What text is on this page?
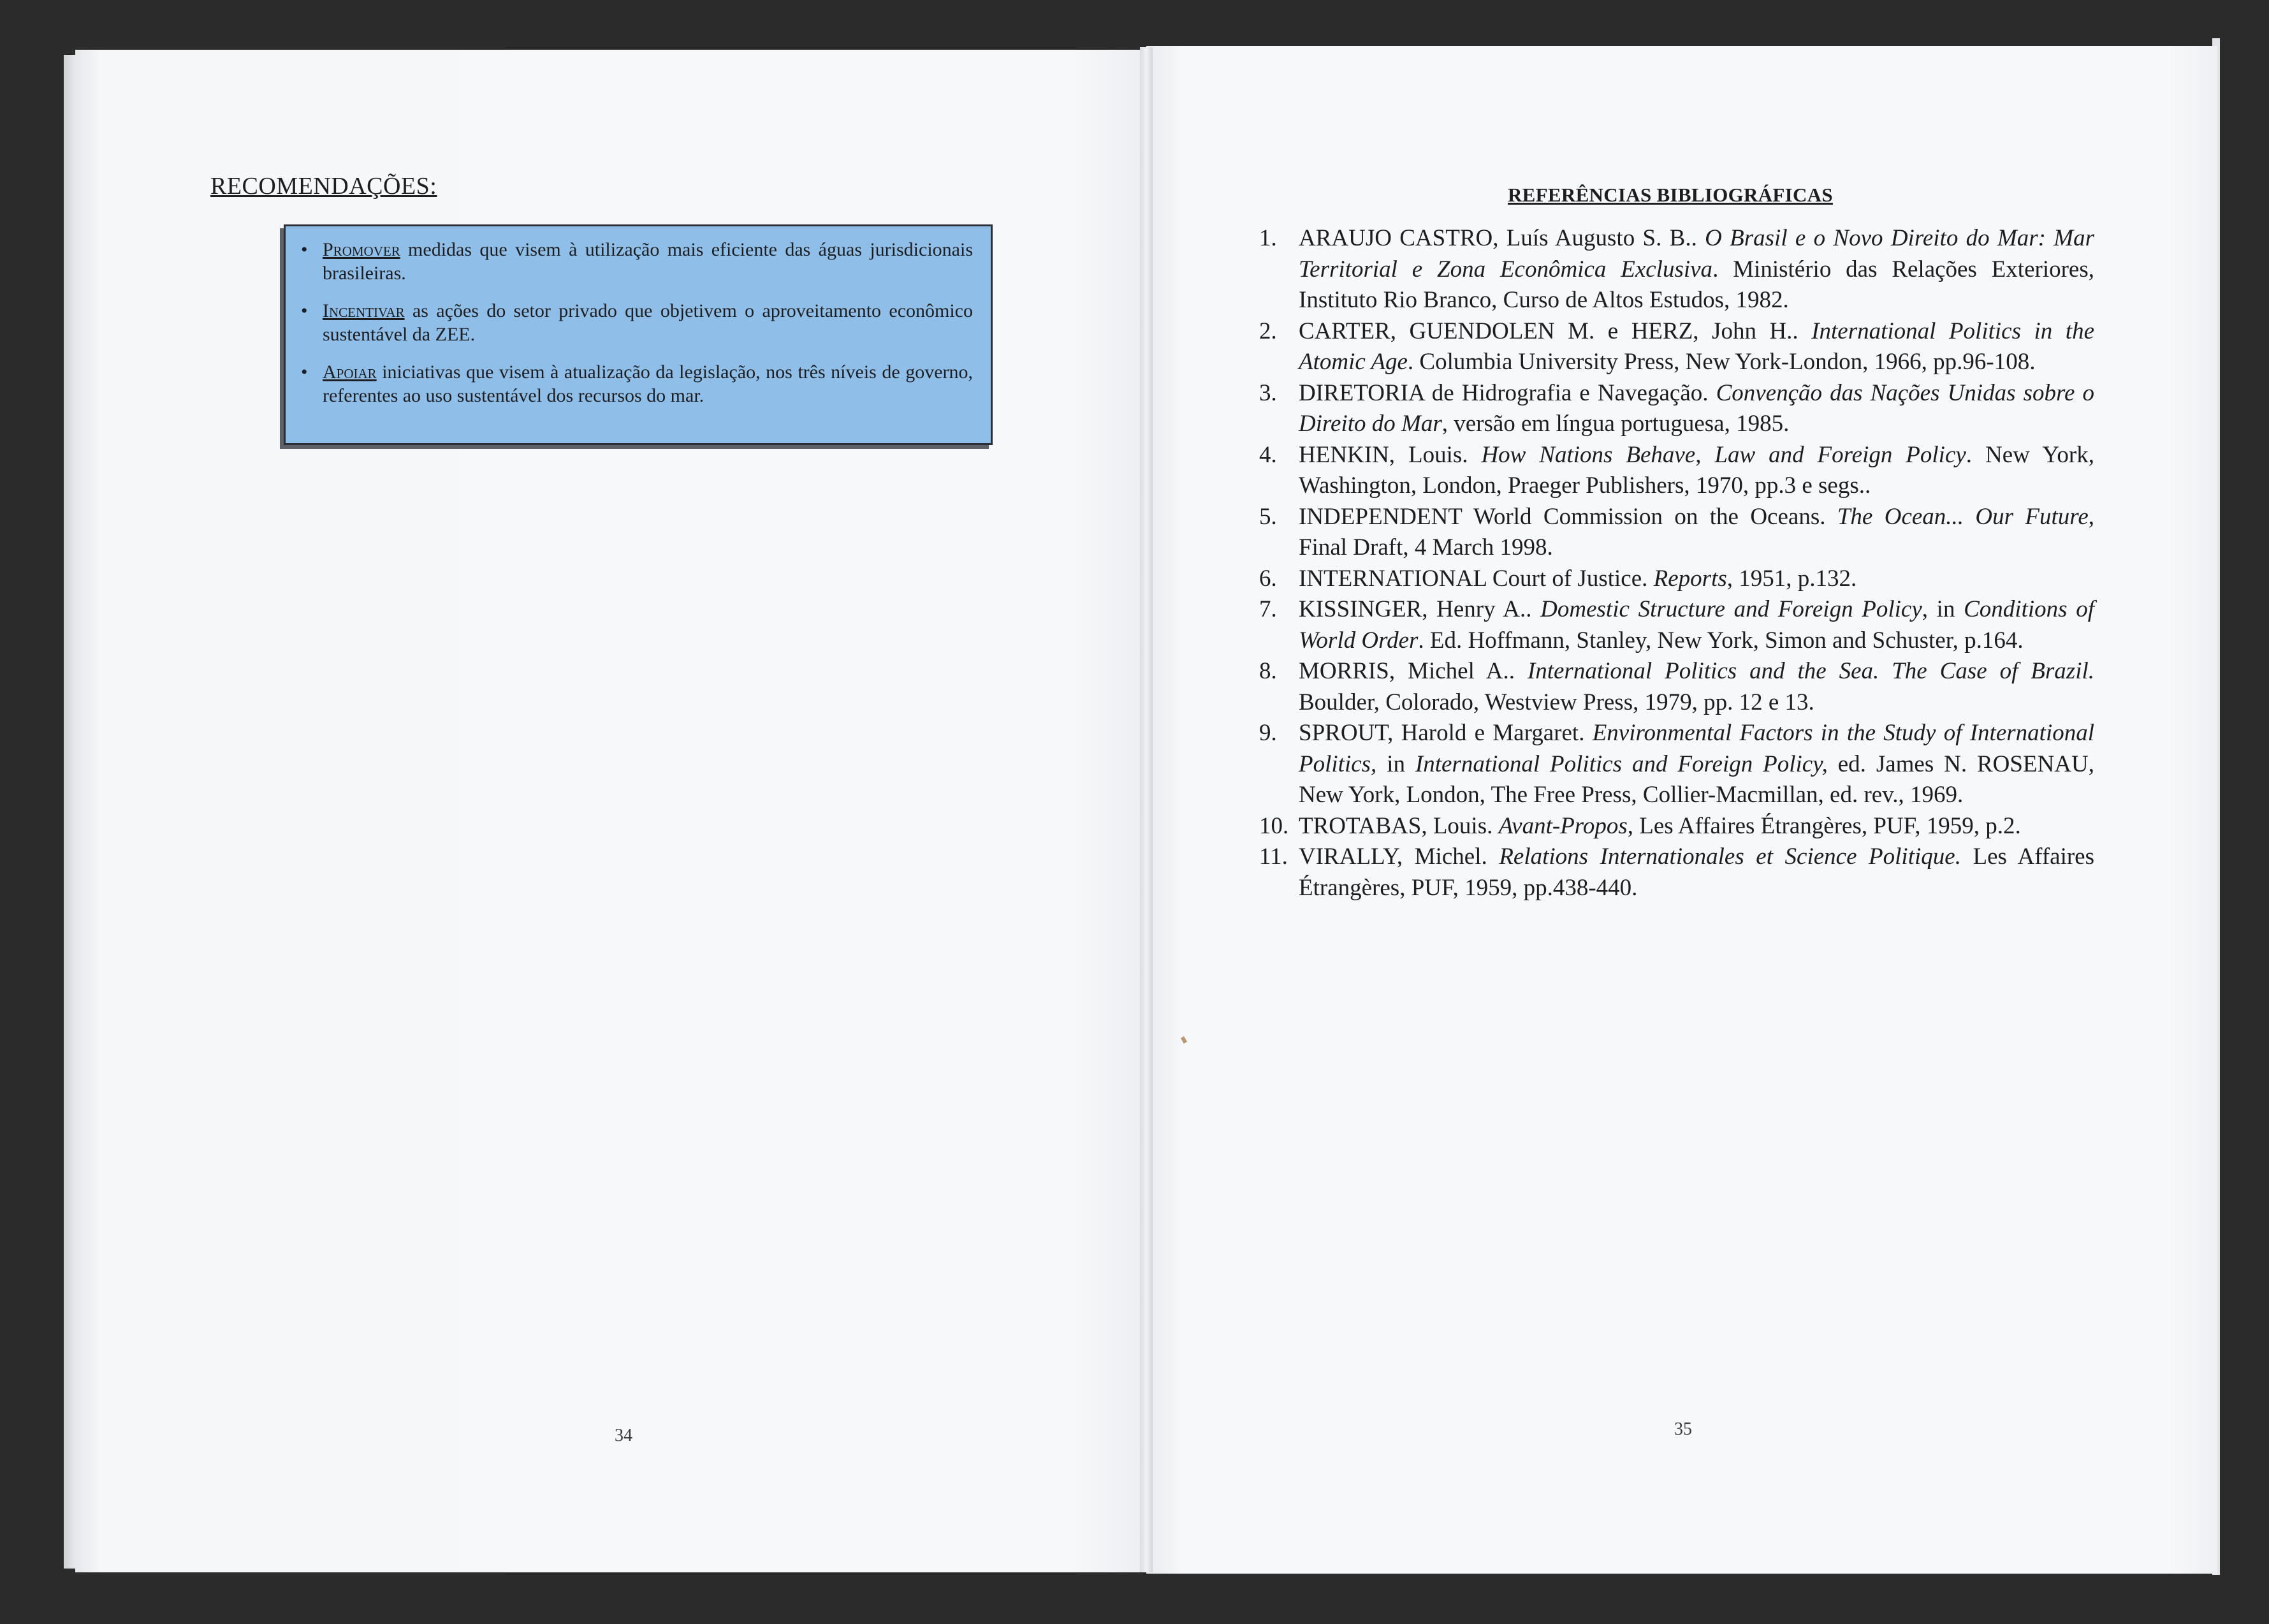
RECOMENDAÇÕES:
• Promover medidas que visem à utilização mais eficiente das águas jurisdicionais brasileiras.
• Incentivar as ações do setor privado que objetivem o aproveitamento econômico sustentável da ZEE.
• Apoiar iniciativas que visem à atualização da legislação, nos três níveis de governo, referentes ao uso sustentável dos recursos do mar.
34
REFERÊNCIAS BIBLIOGRÁFICAS
1. ARAUJO CASTRO, Luís Augusto S. B.. O Brasil e o Novo Direito do Mar: Mar Territorial e Zona Econômica Exclusiva. Ministério das Relações Exteriores, Instituto Rio Branco, Curso de Altos Estudos, 1982.
2. CARTER, GUENDOLEN M. e HERZ, John H.. International Politics in the Atomic Age. Columbia University Press, New York-London, 1966, pp.96-108.
3. DIRETORIA de Hidrografia e Navegação. Convenção das Nações Unidas sobre o Direito do Mar, versão em língua portuguesa, 1985.
4. HENKIN, Louis. How Nations Behave, Law and Foreign Policy. New York, Washington, London, Praeger Publishers, 1970, pp.3 e segs..
5. INDEPENDENT World Commission on the Oceans. The Ocean... Our Future, Final Draft, 4 March 1998.
6. INTERNATIONAL Court of Justice. Reports, 1951, p.132.
7. KISSINGER, Henry A.. Domestic Structure and Foreign Policy, in Conditions of World Order. Ed. Hoffmann, Stanley, New York, Simon and Schuster, p.164.
8. MORRIS, Michel A.. International Politics and the Sea. The Case of Brazil. Boulder, Colorado, Westview Press, 1979, pp. 12 e 13.
9. SPROUT, Harold e Margaret. Environmental Factors in the Study of International Politics, in International Politics and Foreign Policy, ed. James N. ROSENAU, New York, London, The Free Press, Collier-Macmillan, ed. rev., 1969.
10. TROTABAS, Louis. Avant-Propos, Les Affaires Étrangères, PUF, 1959, p.2.
11. VIRALLY, Michel. Relations Internationales et Science Politique. Les Affaires Étrangères, PUF, 1959, pp.438-440.
35
